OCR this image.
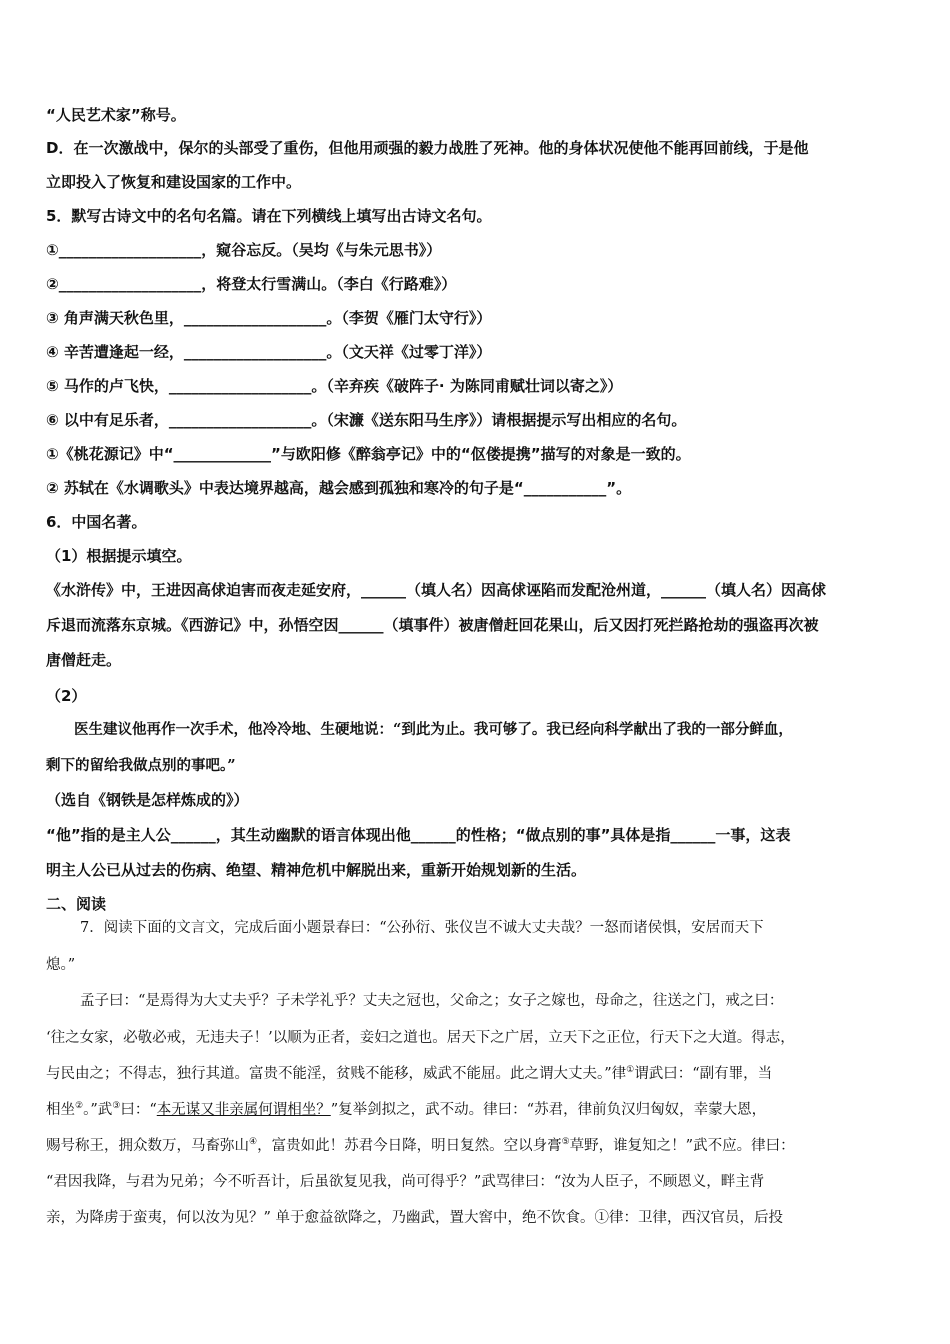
“人民艺术家”称号。
D．在一次激战中，保尔的头部受了重伤，但他用顽强的毅力战胜了死神。他的身体状况使他不能再回前线，于是他
立即投入了恢复和建设国家的工作中。
5．默写古诗文中的名句名篇。请在下列横线上填写出古诗文名句。
①___________________，窥谷忘反。（吴均《与朱元思书》）
②___________________，将登太行雪满山。（李白《行路难》）
③ 角声满天秋色里，___________________。（李贺《雁门太守行》）
④ 辛苦遭逢起一经，___________________。（文天祥《过零丁洋》）
⑤ 马作的卢飞快，___________________。（辛弃疾《破阵子· 为陈同甫赋壮词以寄之》）
⑥ 以中有足乐者，___________________。（宋濂《送东阳马生序》）请根据提示写出相应的名句。
①《桃花源记》中“_____________”与欧阳修《醉翁亭记》中的“伛偻提携”描写的对象是一致的。
② 苏轼在《水调歌头》中表达境界越高，越会感到孤独和寒冷的句子是“___________”。
6．中国名著。
（1）根据提示填空。
《水浒传》中，王进因高俅迫害而夜走延安府，______（填人名）因高俅诬陷而发配沧州道，______（填人名）因高俅
斥退而流落东京城。《西游记》中，孙悟空因______（填事件）被唐僧赶回花果山，后又因打死拦路抢劫的强盗再次被
唐僧赶走。
（2）
医生建议他再作一次手术，他冷冷地、生硬地说：“到此为止。我可够了。我已经向科学献出了我的一部分鲜血，
剩下的留给我做点别的事吧。”
（选自《钢铁是怎样炼成的》）
“他”指的是主人公______，其生动幽默的语言体现出他______的性格；“做点别的事”具体是指______一事，这表
明主人公已从过去的伤病、绝望、精神危机中解脱出来，重新开始规划新的生活。
二、阅读
7．阅读下面的文言文，完成后面小题景春曰：“公孙衍、张仪岂不诚大丈夫哉？一怒而诸侯惧，安居而天下
熄。”
孟子曰：“是焉得为大丈夫乎？子未学礼乎？丈夫之冠也，父命之；女子之嫁也，母命之，往送之门，戒之曰：
‘往之女家，必敬必戒，无违夫子！’以顺为正者，妾妇之道也。居天下之广居，立天下之正位，行天下之大道。得志，
与民由之；不得志，独行其道。富贵不能淫，贫贱不能移，威武不能屈。此之谓大丈夫。”律①谓武曰：“副有罪，当
相坐②。”武③曰：“本无谋又非亲属何谓相坐？”复举剑拟之，武不动。律曰：“苏君，律前负汉归匈奴，幸蒙大恩，
赐号称王，拥众数万，马畜弥山④，富贵如此！苏君今日降，明日复然。空以身膏⑤草野，谁复知之！”武不应。律曰：
“君因我降，与君为兄弟；今不听吾计，后虽欲复见我，尚可得乎？”武骂律曰：“汝为人臣子，不顾恩义，畔主背
亲，为降虏于蛮夷，何以汝为见？” 单于愈益欲降之，乃幽武，置大窖中，绝不饮食。①律：卫律，西汉官员，后投
